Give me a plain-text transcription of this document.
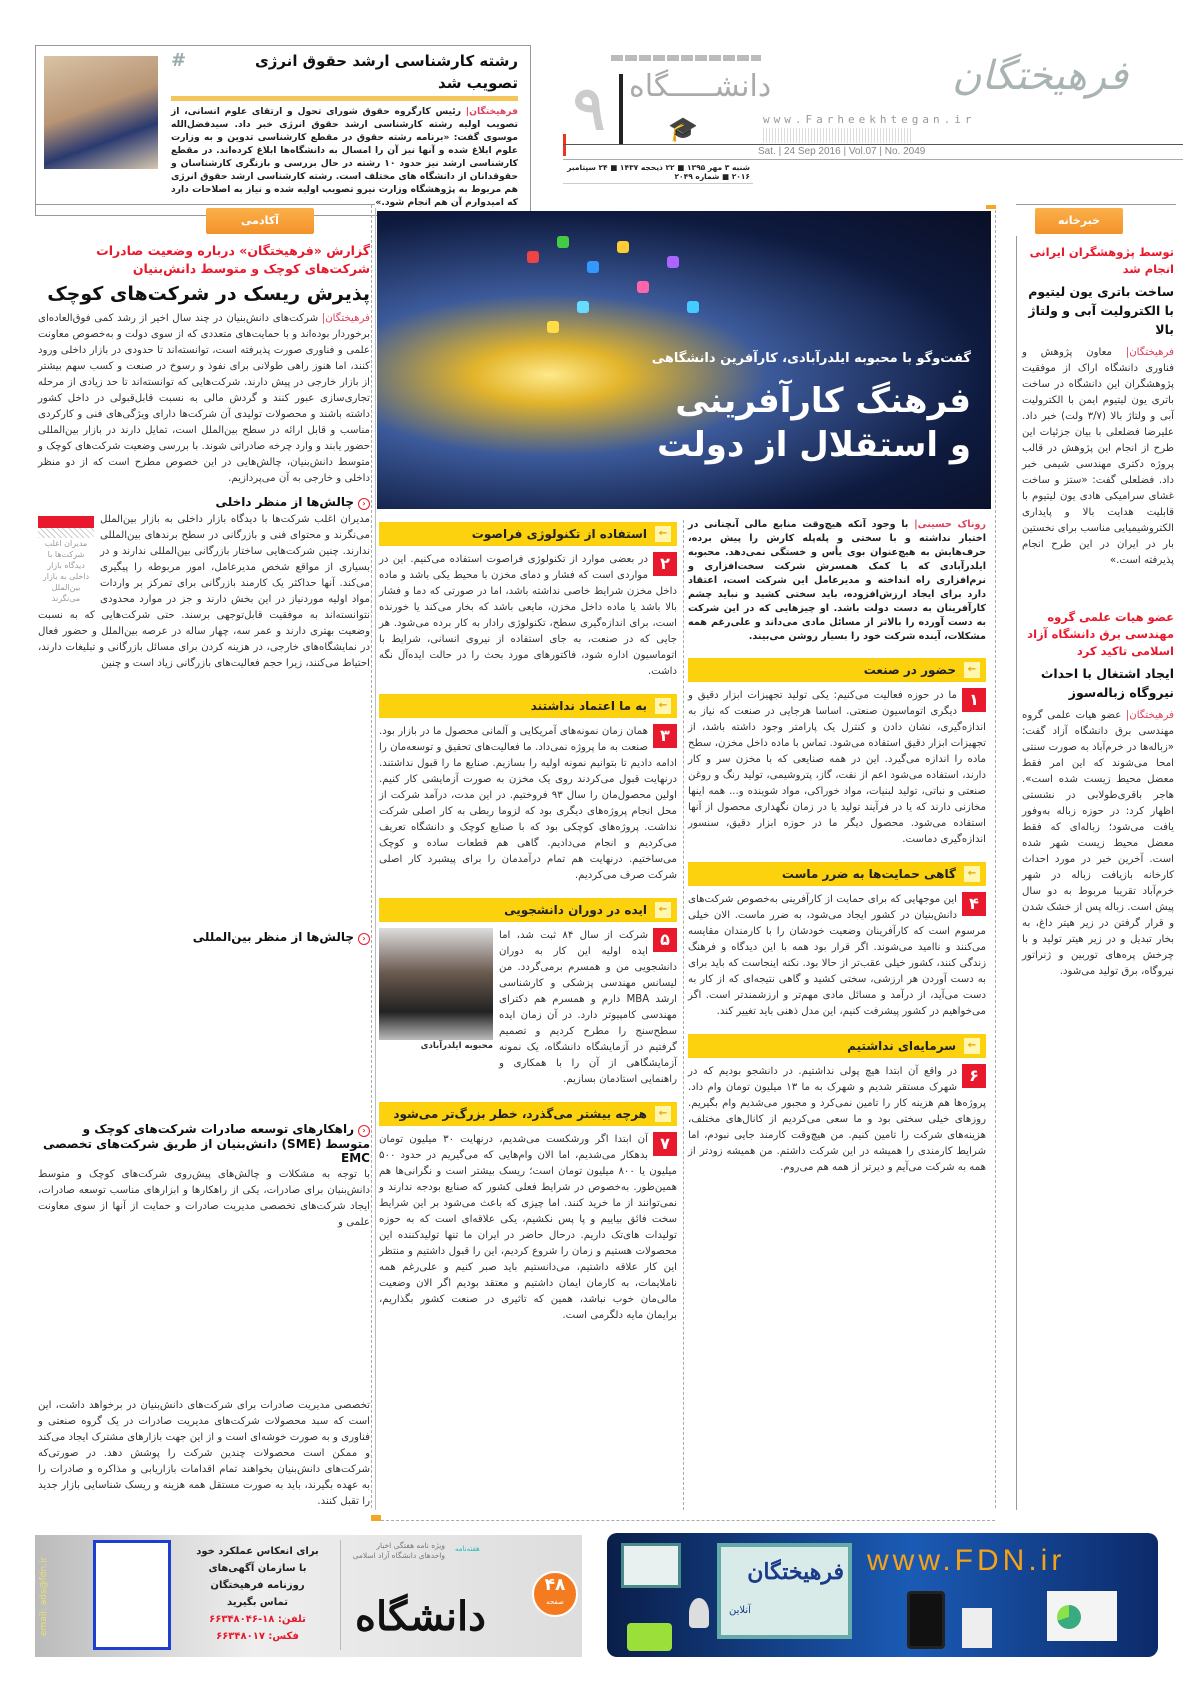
#	رشته کارشناسی ارشد حقوق انرژی تصویب شد
فرهیختگان| رئیس کارگروه حقوق شورای تحول و ارتقای علوم انسانی، از تصویب اولیه رشته کارشناسی ارشد حقوق انرژی خبر داد. سیدفضل‌الله موسوی گفت: «برنامه رشته حقوق در مقطع کارشناسی تدوین و به وزارت علوم ابلاغ شده و آنها نیز آن را امسال به دانشگاه‌ها ابلاغ کرده‌اند. در مقطع کارشناسی ارشد نیز حدود ۱۰ رشته در حال بررسی و بازنگری کارشناسان و حقوقدانان از دانشگاه های مختلف است. رشته کارشناسی ارشد حقوق انرژی هم مربوط به پژوهشگاه وزارت نیرو تصویب اولیه شده و نیاز به اصلاحات دارد که امیدوارم آن هم انجام شود.»
۹ دانشـــــگاه
🎓	www.Farheekhtegan.ir
فرهیختگان
Sat. | 24 Sep 2016 | Vol.07 | No. 2049
شنبه ۳ مهر ۱۳۹۵ ■ ۲۲ ذیحجه ۱۴۳۷ ■ ۲۴ سپتامبر ۲۰۱۶ ■ شماره ۲۰۴۹
آکادمی
گزارش «فرهیختگان» درباره وضعیت صادرات شرکت‌های کوچک و متوسط دانش‌بنیان
پذیرش ریسک در شرکت‌های کوچک
فرهیختگان| شرکت‌های دانش‌بنیان در چند سال اخیر از رشد کمی فوق‌العاده‌ای برخوردار بوده‌اند و با حمایت‌های متعددی که از سوی دولت و به‌خصوص معاونت علمی و فناوری صورت پذیرفته است، توانسته‌اند تا حدودی در بازار داخلی ورود کنند، اما هنوز راهی طولانی برای نفوذ و رسوخ در صنعت و کسب سهم بیشتر از بازار خارجی در پیش دارند. شرکت‌هایی که توانسته‌اند تا حد زیادی از مرحله تجاری‌سازی عبور کنند و گردش مالی به نسبت قابل‌قبولی در داخل کشور داشته باشند و محصولات تولیدی آن شرکت‌ها دارای ویژگی‌های فنی و کارکردی مناسب و قابل ارائه در سطح بین‌الملل است، تمایل دارند در بازار بین‌المللی حضور یابند و وارد چرخه صادراتی شوند. با بررسی وضعیت شرکت‌های کوچک و متوسط دانش‌بنیان، چالش‌هایی در این خصوص مطرح است که از دو منظر داخلی و خارجی به آن می‌پردازیم.
‹چالش‌ها از منظر داخلی
مدیران اغلب شرکت‌ها با دیدگاه بازار داخلی به بازار بین‌الملل می‌نگرند
مدیران اغلب شرکت‌ها با دیدگاه بازار داخلی به بازار بین‌الملل می‌نگرند و محتوای فنی و بازرگانی در سطح برندهای بین‌المللی ندارند. چنین شرکت‌هایی ساختار بازرگانی بین‌المللی ندارند و در بسیاری از مواقع شخص مدیرعامل، امور مربوطه را پیگیری می‌کند. آنها حداکثر یک کارمند بازرگانی برای تمرکز بر واردات مواد اولیه موردنیاز در این بخش دارند و جز در موارد محدودی نتوانسته‌اند به موفقیت قابل‌توجهی برسند. حتی شرکت‌هایی که به نسبت وضعیت بهتری دارند و عمر سه، چهار ساله در عرصه بین‌الملل و حضور فعال در نمایشگاه‌های خارجی، در هزینه کردن برای مسائل بازرگانی و تبلیغات دارند، احتیاط می‌کنند، زیرا حجم فعالیت‌های بازرگانی زیاد است و چنین
‹چالش‌ها از منظر بین‌المللی
‹راهکارهای توسعه صادرات شرکت‌های کوچک و متوسط (SME) دانش‌بنیان از طریق شرکت‌های تخصصی EMC
با توجه به مشکلات و چالش‌های پیش‌روی شرکت‌های کوچک و متوسط دانش‌بنیان برای صادرات، یکی از راهکارها و ابزارهای مناسب توسعه صادرات، ایجاد شرکت‌های تخصصی مدیریت صادرات و حمایت از آنها از سوی معاونت علمی و
تخصصی مدیریت صادرات برای شرکت‌های دانش‌بنیان در برخواهد داشت، این است که سبد محصولات شرکت‌های مدیریت صادرات در یک گروه صنعتی و فناوری و به صورت خوشه‌ای است و از این جهت بازارهای مشترک ایجاد می‌کند و ممکن است محصولات چندین شرکت را پوشش دهد. در صورتی‌که شرکت‌های دانش‌بنیان بخواهند تمام اقدامات بازاریابی و مذاکره و صادرات را به عهده بگیرند، باید به صورت مستقل همه هزینه و ریسک شناسایی بازار جدید را تقبل کنند.
گفت‌وگو با محبوبه ایلدرآبادی، کارآفرین دانشگاهی
فرهنگ کارآفرینی
و استقلال از دولت
روناک حسینی| با وجود آنکه هیچ‌وقت منابع مالی آنچنانی در اختیار نداشته و با سختی و پله‌پله کارش را پیش برده، حرف‌هایش به هیچ‌عنوان بوی یأس و خستگی نمی‌دهد. محبوبه ایلدرآبادی که با کمک همسرش شرکت سخت‌افزاری و نرم‌افزاری راه انداخته و مدیرعامل این شرکت است، اعتقاد دارد برای ایجاد ارزش‌افزوده، باید سختی کشید و نباید چشم کارآفرینان به دست دولت باشد. او چیزهایی که در این شرکت به دست آورده را بالاتر از مسائل مادی می‌داند و علی‌رغم همه مشکلات، آینده شرکت خود را بسیار روشن می‌بیند.
← حضور در صنعت
۱
ما در حوزه فعالیت می‌کنیم: یکی تولید تجهیزات ابزار دقیق و دیگری اتوماسیون صنعتی. اساسا هرجایی در صنعت که نیاز به اندازه‌گیری، نشان دادن و کنترل یک پارامتر وجود داشته باشد، از تجهیزات ابزار دقیق استفاده می‌شود. تماس با ماده داخل مخزن، سطح ماده را اندازه می‌گیرد. این در همه صنایعی که با مخزن سر و کار دارند، استفاده می‌شود اعم از نفت، گاز، پتروشیمی، تولید رنگ و روغن صنعتی و نباتی، تولید لبنیات، مواد خوراکی، مواد شوینده و... همه اینها مخازنی دارند که یا در فرآیند تولید یا در زمان نگهداری محصول از آنها استفاده می‌شود. محصول دیگر ما در حوزه ابزار دقیق، سنسور اندازه‌گیری دماست.
← گاهی حمایت‌ها به ضرر ماست
۴
این موجهایی که برای حمایت از کارآفرینی به‌خصوص شرکت‌های دانش‌بنیان در کشور ایجاد می‌شود، به ضرر ماست. الان خیلی مرسوم است که کارآفرینان وضعیت خودشان را با کارمندان مقایسه می‌کنند و ناامید می‌شوند. اگر قرار بود همه با این دیدگاه و فرهنگ زندگی کنند، کشور خیلی عقب‌تر از حالا بود. نکته اینجاست که باید برای به دست آوردن هر ارزشی، سختی کشید و گاهی نتیجه‌ای که از کار به دست می‌آید، از درآمد و مسائل مادی مهم‌تر و ارزشمندتر است. اگر می‌خواهیم در کشور پیشرفت کنیم، این مدل ذهنی باید تغییر کند.
← سرمایه‌ای نداشتیم
۶
در واقع آن ابتدا هیچ پولی نداشتیم. در دانشجو بودیم که در شهرک مستقر شدیم و شهرک به ما ۱۳ میلیون تومان وام داد. پروژه‌ها هم هزینه کار را تامین نمی‌کرد و مجبور می‌شدیم وام بگیریم. روزهای خیلی سختی بود و ما سعی می‌کردیم از کانال‌های مختلف، هزینه‌های شرکت را تامین کنیم. من هیچ‌وقت کارمند جایی نبودم، اما شرایط کارمندی را همیشه در این شرکت داشتم. من همیشه زودتر از همه به شرکت می‌آیم و دیرتر از همه هم می‌روم.
← استفاده از تکنولوژی فراصوت
۲
در بعضی موارد از تکنولوژی فراصوت استفاده می‌کنیم. این در مواردی است که فشار و دمای مخزن با محیط یکی باشد و ماده داخل مخزن شرایط خاصی نداشته باشد، اما در صورتی که دما و فشار بالا باشد یا ماده داخل مخزن، مایعی باشد که بخار می‌کند یا خورنده است، برای اندازه‌گیری سطح، تکنولوژی رادار به کار برده می‌شود. هر جایی که در صنعت، به جای استفاده از نیروی انسانی، شرایط با اتوماسیون اداره شود، فاکتورهای مورد بحث را در حالت ایده‌آل نگه داشت.
← به ما اعتماد نداشتند
۳
همان زمان نمونه‌های آمریکایی و آلمانی محصول ما در بازار بود. صنعت به ما پروژه نمی‌داد. ما فعالیت‌های تحقیق و توسعه‌مان را ادامه دادیم تا بتوانیم نمونه اولیه را بسازیم. صنایع ما را قبول نداشتند. درنهایت قبول می‌کردند روی یک مخزن به صورت آزمایشی کار کنیم. اولین محصول‌مان را سال ۹۳ فروختیم. در این مدت، درآمد شرکت از محل انجام پروژه‌های دیگری بود که لزوما ربطی به کار اصلی شرکت نداشت. پروژه‌های کوچکی بود که با صنایع کوچک و دانشگاه تعریف می‌کردیم و انجام می‌دادیم. گاهی هم قطعات ساده و کوچک می‌ساختیم. درنهایت هم تمام درآمدمان را برای پیشبرد کار اصلی شرکت صرف می‌کردیم.
← ایده در دوران دانشجویی
محبوبه ایلدرآبادی
۵
شرکت از سال ۸۴ ثبت شد، اما ایده اولیه این کار به دوران دانشجویی من و همسرم برمی‌گردد. من لیسانس مهندسی پزشکی و کارشناسی ارشد MBA دارم و همسرم هم دکترای مهندسی کامپیوتر دارد. در آن زمان ایده سطح‌سنج را مطرح کردیم و تصمیم گرفتیم در آزمایشگاه دانشگاه، یک نمونه آزمایشگاهی از آن را با همکاری و راهنمایی استادمان بسازیم.
← هرچه بیشتر می‌گذرد، خطر بزرگ‌تر می‌شود
۷
آن ابتدا اگر ورشکست می‌شدیم، درنهایت ۳۰ میلیون تومان بدهکار می‌شدیم، اما الان وام‌هایی که می‌گیریم در حدود ۵۰۰ میلیون یا ۸۰۰ میلیون تومان است؛ ریسک بیشتر است و نگرانی‌ها هم همین‌طور. به‌خصوص در شرایط فعلی کشور که صنایع بودجه ندارند و نمی‌توانند از ما خرید کنند. اما چیزی که باعث می‌شود بر این شرایط سخت فائق بیاییم و پا پس نکشیم، یکی علاقه‌ای است که به حوزه تولیدات های‌تک داریم. درحال حاضر در ایران ما تنها تولیدکننده این محصولات هستیم و زمان را شروع کردیم، این را قبول داشتیم و منتظر این کار علاقه داشتیم، می‌دانستیم باید صبر کنیم و علی‌رغم همه ناملایمات، به کارمان ایمان داشتیم و معتقد بودیم اگر الان وضعیت مالی‌مان خوب نباشد، همین که تاثیری در صنعت کشور بگذاریم، برایمان مایه دلگرمی است.
خبرخانه
توسط پژوهشگران ایرانی انجام شد
ساخت باتری یون لیتیوم با الکترولیت آبی و ولتاژ بالا
فرهیختگان| معاون پژوهش و فناوری دانشگاه اراک از موفقیت پژوهشگران این دانشگاه در ساخت باتری یون لیتیوم ایمن با الکترولیت آبی و ولتاژ بالا (۳/۷ ولت) خبر داد. علیرضا فضلعلی با بیان جزئیات این طرح از انجام این پژوهش در قالب پروژه دکتری مهندسی شیمی خبر داد. فضلعلی گفت: «ستز و ساخت غشای سرامیکی هادی یون لیتیوم با قابلیت هدایت بالا و پایداری الکتروشیمیایی مناسب برای نخستین بار در ایران در این طرح انجام پذیرفته است.»
عضو هیات علمی گروه مهندسی برق دانشگاه آزاد اسلامی تاکید کرد
ایجاد اشتغال با احداث نیروگاه زباله‌سوز
فرهیختگان| عضو هیات علمی گروه مهندسی برق دانشگاه آزاد گفت: «زباله‌ها در خرم‌آباد به صورت سنتی امحا می‌شوند که این امر فقط معضل محیط زیست شده است». هاجر باقری‌طولابی در نشستی اظهار کرد: در حوزه زباله به‌وفور یافت می‌شود؛ زباله‌ای که فقط معضل محیط زیست شهر شده است. آخرین خبر در مورد احداث کارخانه بازیافت زباله در شهر خرم‌آباد تقریبا مربوط به دو سال پیش است. زباله پس از خشک شدن و قرار گرفتن در زیر هیتر داغ، به بخار تبدیل و در زیر هیتر تولید و با چرخش پره‌های توربین و ژنراتور نیروگاه، برق تولید می‌شود.
email: ads@fdn.ir
برای انعکاس عملکرد خود
با سازمان آگهی‌های
روزنامه فرهیختگان
تماس بگیرید
تلفن: ۱۸-۶۶۳۴۸۰۴۶
فکس: ۶۶۳۴۸۰۱۷
ویژه نامه هفتگی اخبار واحدهای دانشگاه آزاد اسلامی
هفته‌نامه
دانشگاه
۴۸
صفحه
فرهیختگان
آنلاین
www.FDN.ir
